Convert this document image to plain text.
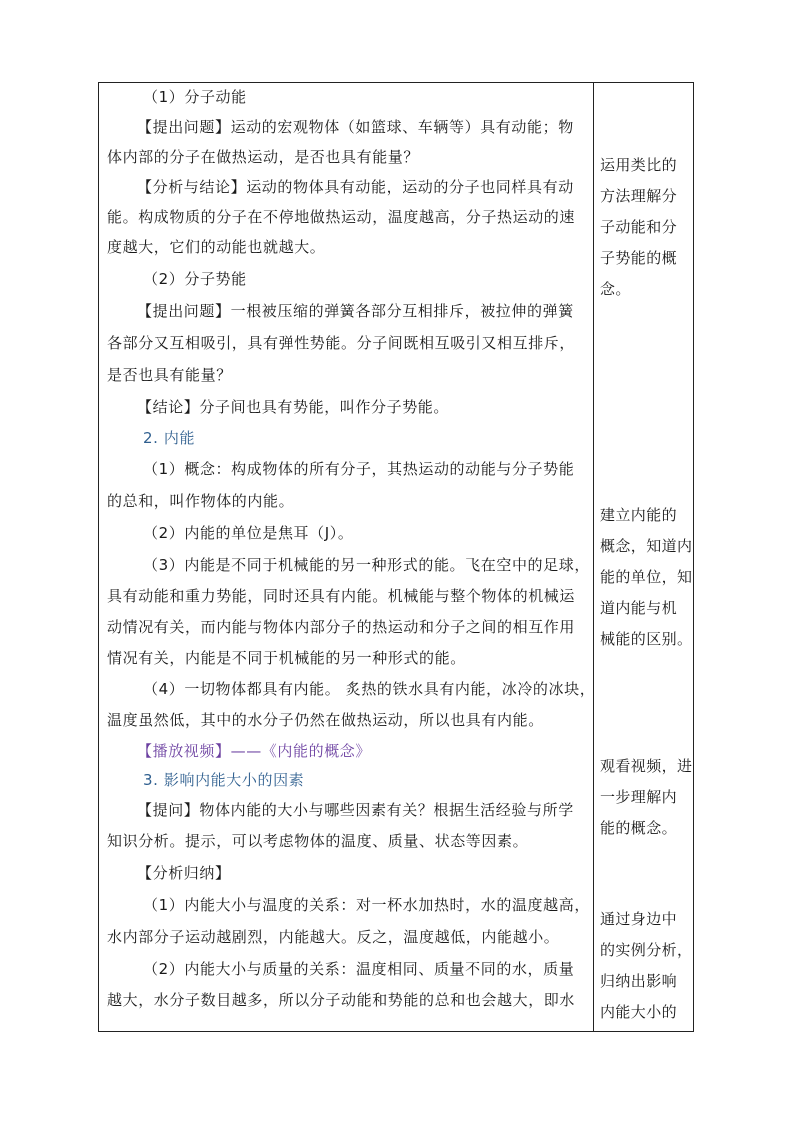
（1）分子动能
【提出问题】运动的宏观物体（如篮球、车辆等）具有动能；物
体内部的分子在做热运动，是否也具有能量？
【分析与结论】运动的物体具有动能，运动的分子也同样具有动
能。构成物质的分子在不停地做热运动，温度越高，分子热运动的速
度越大，它们的动能也就越大。
（2）分子势能
【提出问题】一根被压缩的弹簧各部分互相排斥，被拉伸的弹簧
各部分又互相吸引，具有弹性势能。分子间既相互吸引又相互排斥，
是否也具有能量？
【结论】分子间也具有势能，叫作分子势能。
2. 内能
（1）概念：构成物体的所有分子，其热运动的动能与分子势能
的总和，叫作物体的内能。
（2）内能的单位是焦耳（J）。
（3）内能是不同于机械能的另一种形式的能。飞在空中的足球，
具有动能和重力势能，同时还具有内能。机械能与整个物体的机械运
动情况有关，而内能与物体内部分子的热运动和分子之间的相互作用
情况有关，内能是不同于机械能的另一种形式的能。
（4）一切物体都具有内能。 炙热的铁水具有内能，冰冷的冰块，
温度虽然低，其中的水分子仍然在做热运动，所以也具有内能。
【播放视频】——《内能的概念》
3. 影响内能大小的因素
【提问】物体内能的大小与哪些因素有关？根据生活经验与所学
知识分析。提示，可以考虑物体的温度、质量、状态等因素。
【分析归纳】
（1）内能大小与温度的关系：对一杯水加热时，水的温度越高，
水内部分子运动越剧烈，内能越大。反之，温度越低，内能越小。
（2）内能大小与质量的关系：温度相同、质量不同的水，质量
越大，水分子数目越多，所以分子动能和势能的总和也会越大，即水
运用类比的
方法理解分
子动能和分
子势能的概
念。
建立内能的
概念，知道内
能的单位，知
道内能与机
械能的区别。
观看视频，进
一步理解内
能的概念。
通过身边中
的实例分析，
归纳出影响
内能大小的
